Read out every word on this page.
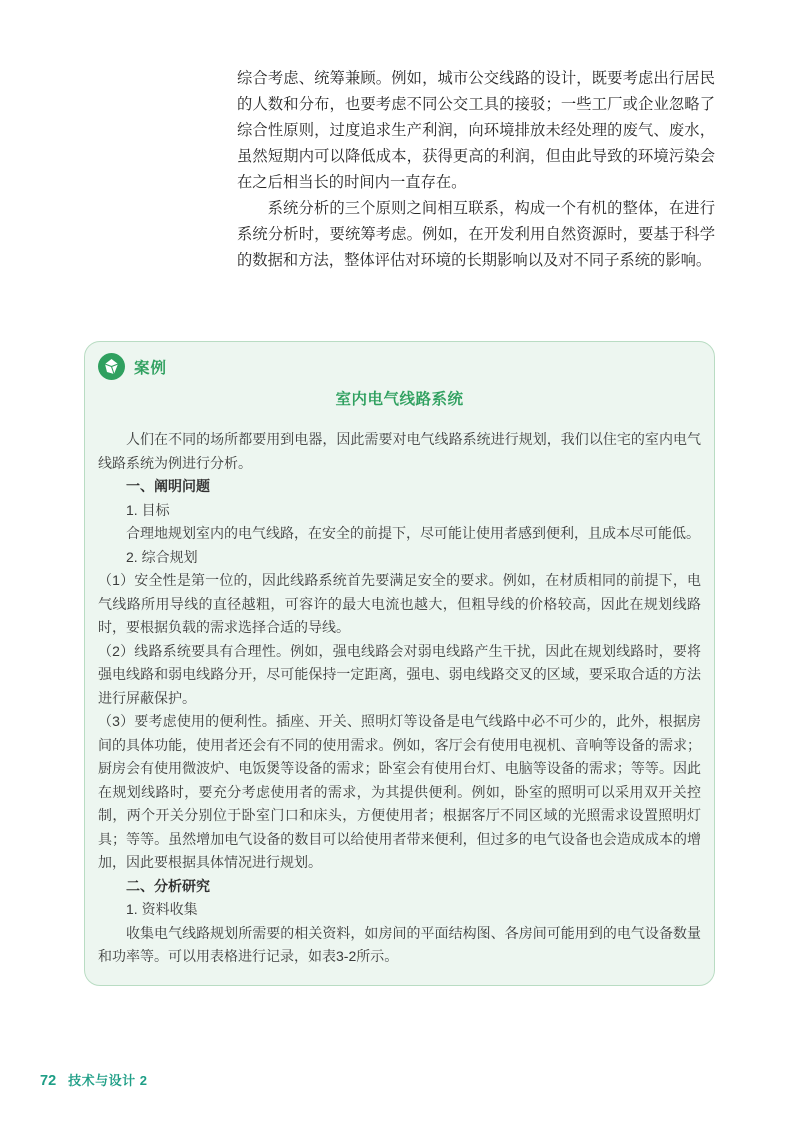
综合考虑、统筹兼顾。例如，城市公交线路的设计，既要考虑出行居民的人数和分布，也要考虑不同公交工具的接驳；一些工厂或企业忽略了综合性原则，过度追求生产利润，向环境排放未经处理的废气、废水，虽然短期内可以降低成本，获得更高的利润，但由此导致的环境污染会在之后相当长的时间内一直存在。

系统分析的三个原则之间相互联系，构成一个有机的整体，在进行系统分析时，要统筹考虑。例如，在开发利用自然资源时，要基于科学的数据和方法，整体评估对环境的长期影响以及对不同子系统的影响。

案例
室内电气线路系统

人们在不同的场所都要用到电器，因此需要对电气线路系统进行规划，我们以住宅的室内电气线路系统为例进行分析。

一、阐明问题

1. 目标

合理地规划室内的电气线路，在安全的前提下，尽可能让使用者感到便利，且成本尽可能低。

2. 综合规划

（1）安全性是第一位的，因此线路系统首先要满足安全的要求。例如，在材质相同的前提下，电气线路所用导线的直径越粗，可容许的最大电流也越大，但粗导线的价格较高，因此在规划线路时，要根据负载的需求选择合适的导线。

（2）线路系统要具有合理性。例如，强电线路会对弱电线路产生干扰，因此在规划线路时，要将强电线路和弱电线路分开，尽可能保持一定距离，强电、弱电线路交叉的区域，要采取合适的方法进行屏蔽保护。

（3）要考虑使用的便利性。插座、开关、照明灯等设备是电气线路中必不可少的，此外，根据房间的具体功能，使用者还会有不同的使用需求。例如，客厅会有使用电视机、音响等设备的需求；厨房会有使用微波炉、电饭煲等设备的需求；卧室会有使用台灯、电脑等设备的需求；等等。因此在规划线路时，要充分考虑使用者的需求，为其提供便利。例如，卧室的照明可以采用双开关控制，两个开关分别位于卧室门口和床头，方便使用者；根据客厅不同区域的光照需求设置照明灯具；等等。虽然增加电气设备的数目可以给使用者带来便利，但过多的电气设备也会造成成本的增加，因此要根据具体情况进行规划。

二、分析研究

1. 资料收集

收集电气线路规划所需要的相关资料，如房间的平面结构图、各房间可能用到的电气设备数量和功率等。可以用表格进行记录，如表3-2所示。

72 技术与设计 2
